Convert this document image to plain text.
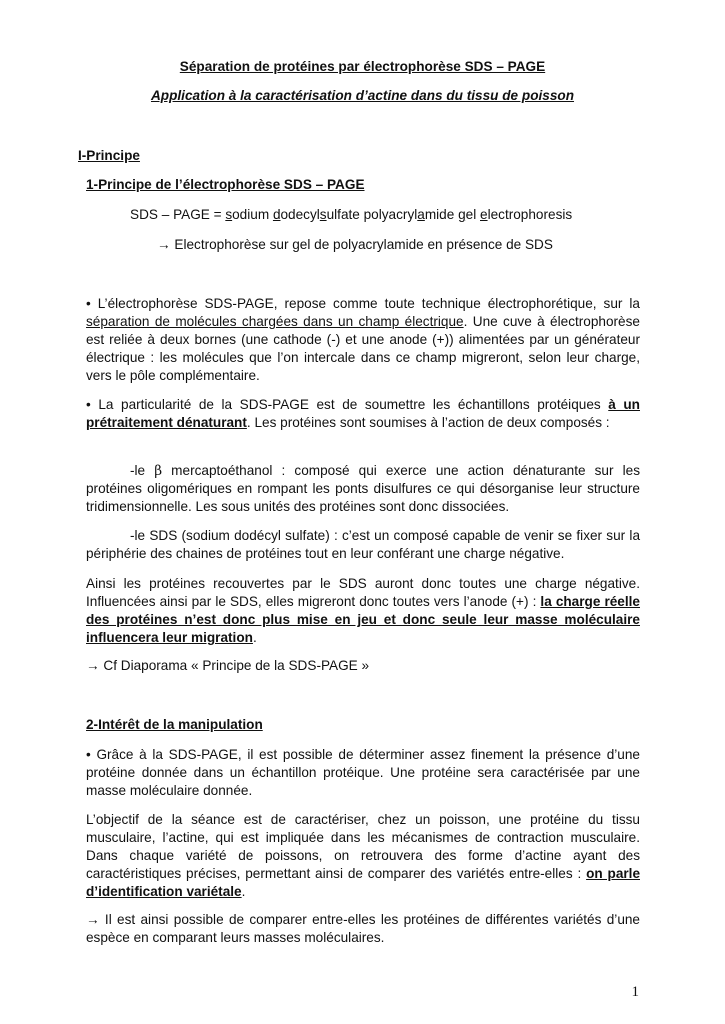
Séparation de protéines par électrophorèse SDS – PAGE
Application à la caractérisation d’actine dans du tissu de poisson
I-Principe
1-Principe de l’électrophorèse SDS – PAGE
SDS – PAGE = sodium dodecylsulfate polyacrylamide gel electrophoresis
→ Electrophorèse sur gel de polyacrylamide en présence de SDS

• L’électrophorèse SDS-PAGE, repose comme toute technique électrophorétique, sur la séparation de molécules chargées dans un champ électrique. Une cuve à électrophorèse est reliée à deux bornes (une cathode (-) et une anode (+)) alimentées par un générateur électrique : les molécules que l’on intercale dans ce champ migreront, selon leur charge, vers le pôle complémentaire.

• La particularité de la SDS-PAGE est de soumettre les échantillons protéiques à un prétraitement dénaturant. Les protéines sont soumises à l’action de deux composés :

-le β mercaptoéthanol : composé qui exerce une action dénaturante sur les protéines oligomériques en rompant les ponts disulfures ce qui désorganise leur structure tridimensionnelle. Les sous unités des protéines sont donc dissociées.

-le SDS (sodium dodécyl sulfate) : c’est un composé capable de venir se fixer sur la périphérie des chaines de protéines tout en leur conférant une charge négative.

Ainsi les protéines recouvertes par le SDS auront donc toutes une charge négative. Influencées ainsi par le SDS, elles migreront donc toutes vers l’anode (+) : la charge réelle des protéines n’est donc plus mise en jeu et donc seule leur masse moléculaire influencera leur migration.

→ Cf Diaporama « Principe de la SDS-PAGE »
2-Intérêt de la manipulation

• Grâce à la SDS-PAGE, il est possible de déterminer assez finement la présence d’une protéine donnée dans un échantillon protéique. Une protéine sera caractérisée par une masse moléculaire donnée.

L’objectif de la séance est de caractériser, chez un poisson, une protéine du tissu musculaire, l’actine, qui est impliquée dans les mécanismes de contraction musculaire. Dans chaque variété de poissons, on retrouvera des forme d’actine ayant des caractéristiques précises, permettant ainsi de comparer des variétés entre-elles : on parle d’identification variétale.

→ Il est ainsi possible de comparer entre-elles les protéines de différentes variétés d’une espèce en comparant leurs masses moléculaires.

1
